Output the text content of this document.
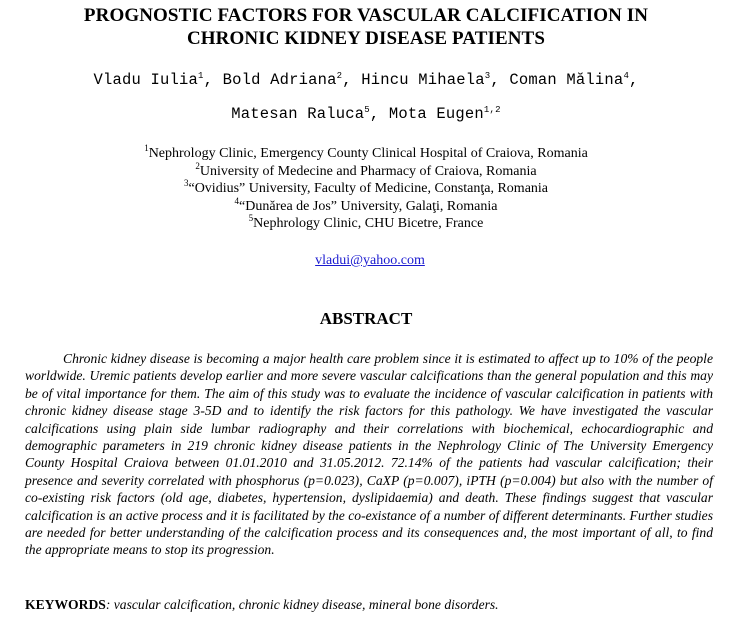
PROGNOSTIC FACTORS FOR VASCULAR CALCIFICATION IN
CHRONIC KIDNEY DISEASE PATIENTS
Vladu Iulia$^1$, Bold Adriana$^2$, Hincu Mihaela$^3$, Coman Mălina$^4$,
Matesan Raluca$^5$, Mota Eugen$^{1,2}$
$^1$Nephrology Clinic, Emergency County Clinical Hospital of Craiova, Romania
$^2$University of Medecine and Pharmacy of Craiova, Romania
$^3$“Ovidius” University, Faculty of Medicine, Constanţa, Romania
$^4$“Dunărea de Jos” University, Galaţi, Romania
$^5$Nephrology Clinic, CHU Bicetre, France
vladui@yahoo.com
ABSTRACT

Chronic kidney disease is becoming a major health care problem since it is estimated to affect up to 10% of the people worldwide. Uremic patients develop earlier and more severe vascular calcifications than the general population and this may be of vital importance for them. The aim of this study was to evaluate the incidence of vascular calcification in patients with chronic kidney disease stage 3-5D and to identify the risk factors for this pathology. We have investigated the vascular calcifications using plain side lumbar radiography and their correlations with biochemical, echocardiographic and demographic parameters in 219 chronic kidney disease patients in the Nephrology Clinic of The University Emergency County Hospital Craiova between 01.01.2010 and 31.05.2012. 72.14% of the patients had vascular calcification; their presence and severity correlated with phosphorus (p=0.023), CaXP (p=0.007), iPTH (p=0.004) but also with the number of co-existing risk factors (old age, diabetes, hypertension, dyslipidaemia) and death. These findings suggest that vascular calcification is an active process and it is facilitated by the co-existance of a number of different determinants. Further studies are needed for better understanding of the calcification process and its consequences and, the most important of all, to find the appropriate means to stop its progression.

KEYWORDS: vascular calcification, chronic kidney disease, mineral bone disorders.
